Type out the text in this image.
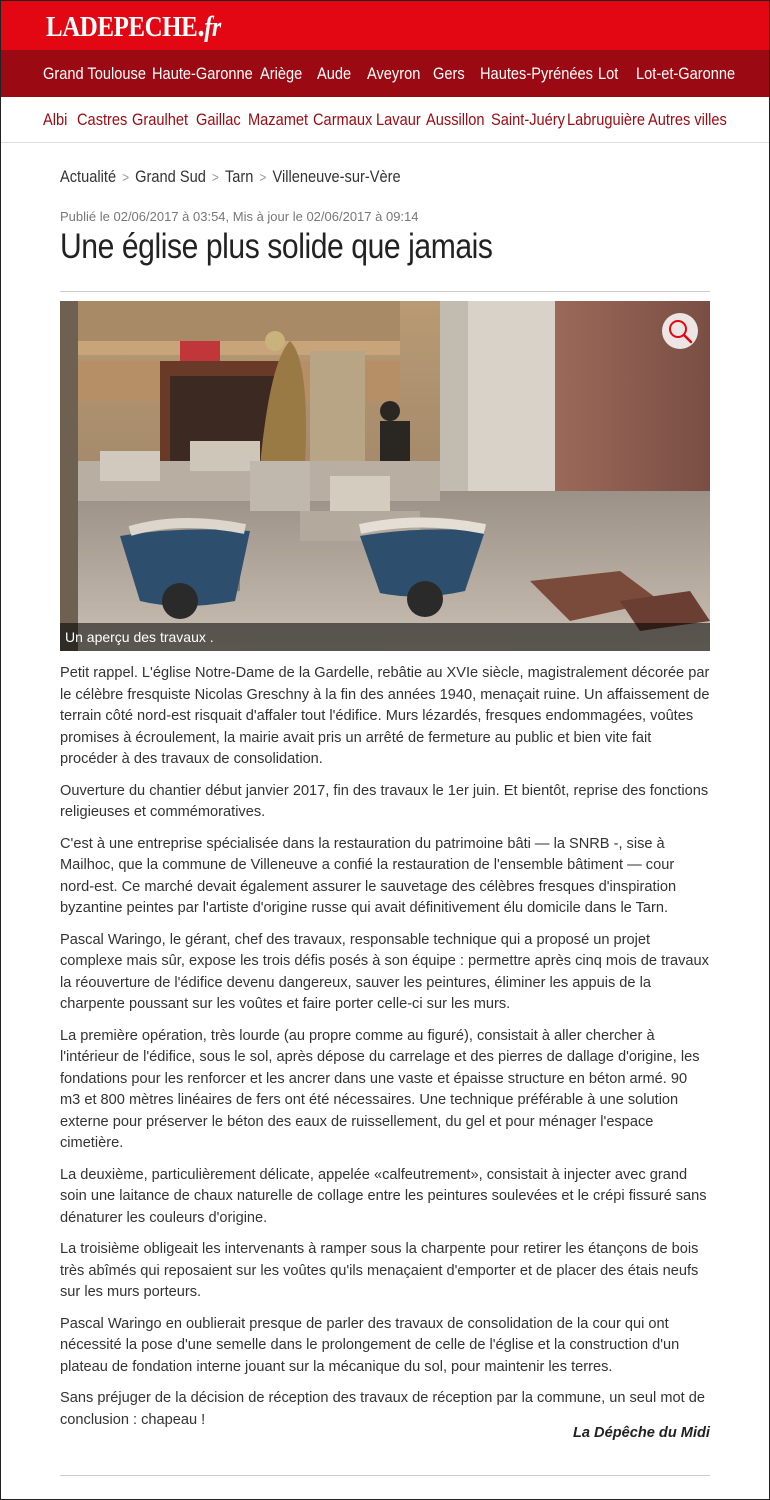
LADEPECHE.fr
Grand Toulouse Haute-Garonne Ariège Aude Aveyron Gers Hautes-Pyrénées Lot	Lot-et-Garonne
Albi Castres Graulhet Gaillac Mazamet Carmaux Lavaur Aussillon Saint-Juéry Labruguière Autres villes
Actualité > Grand Sud > Tarn > Villeneuve-sur-Vère
Publié le 02/06/2017 à 03:54, Mis à jour le 02/06/2017 à 09:14
Une église plus solide que jamais
Un aperçu des travaux .

Petit rappel. L'église Notre-Dame de la Gardelle, rebâtie au XVIe siècle, magistralement décorée par le célèbre fresquiste Nicolas Greschny à la fin des années 1940, menaçait ruine. Un affaissement de terrain côté nord-est risquait d'affaler tout l'édifice. Murs lézardés, fresques endommagées, voûtes promises à écroulement, la mairie avait pris un arrêté de fermeture au public et bien vite fait procéder à des travaux de consolidation.

Ouverture du chantier début janvier 2017, fin des travaux le 1er juin. Et bientôt, reprise des fonctions religieuses et commémoratives.

C'est à une entreprise spécialisée dans la restauration du patrimoine bâti — la SNRB -, sise à Mailhoc, que la commune de Villeneuve a confié la restauration de l'ensemble bâtiment — cour nord-est. Ce marché devait également assurer le sauvetage des célèbres fresques d'inspiration byzantine peintes par l'artiste d'origine russe qui avait définitivement élu domicile dans le Tarn.

Pascal Waringo, le gérant, chef des travaux, responsable technique qui a proposé un projet complexe mais sûr, expose les trois défis posés à son équipe : permettre après cinq mois de travaux la réouverture de l'édifice devenu dangereux, sauver les peintures, éliminer les appuis de la charpente poussant sur les voûtes et faire porter celle-ci sur les murs.

La première opération, très lourde (au propre comme au figuré), consistait à aller chercher à l'intérieur de l'édifice, sous le sol, après dépose du carrelage et des pierres de dallage d'origine, les fondations pour les renforcer et les ancrer dans une vaste et épaisse structure en béton armé. 90 m3 et 800 mètres linéaires de fers ont été nécessaires. Une technique préférable à une solution externe pour préserver le béton des eaux de ruissellement, du gel et pour ménager l'espace cimetière.

La deuxième, particulièrement délicate, appelée «calfeutrement», consistait à injecter avec grand soin une laitance de chaux naturelle de collage entre les peintures soulevées et le crépi fissuré sans dénaturer les couleurs d'origine.

La troisième obligeait les intervenants à ramper sous la charpente pour retirer les étançons de bois très abîmés qui reposaient sur les voûtes qu'ils menaçaient d'emporter et de placer des étais neufs sur les murs porteurs.

Pascal Waringo en oublierait presque de parler des travaux de consolidation de la cour qui ont nécessité la pose d'une semelle dans le prolongement de celle de l'église et la construction d'un plateau de fondation interne jouant sur la mécanique du sol, pour maintenir les terres.

Sans préjuger de la décision de réception des travaux de réception par la commune, un seul mot de conclusion : chapeau !

La Dépêche du Midi
